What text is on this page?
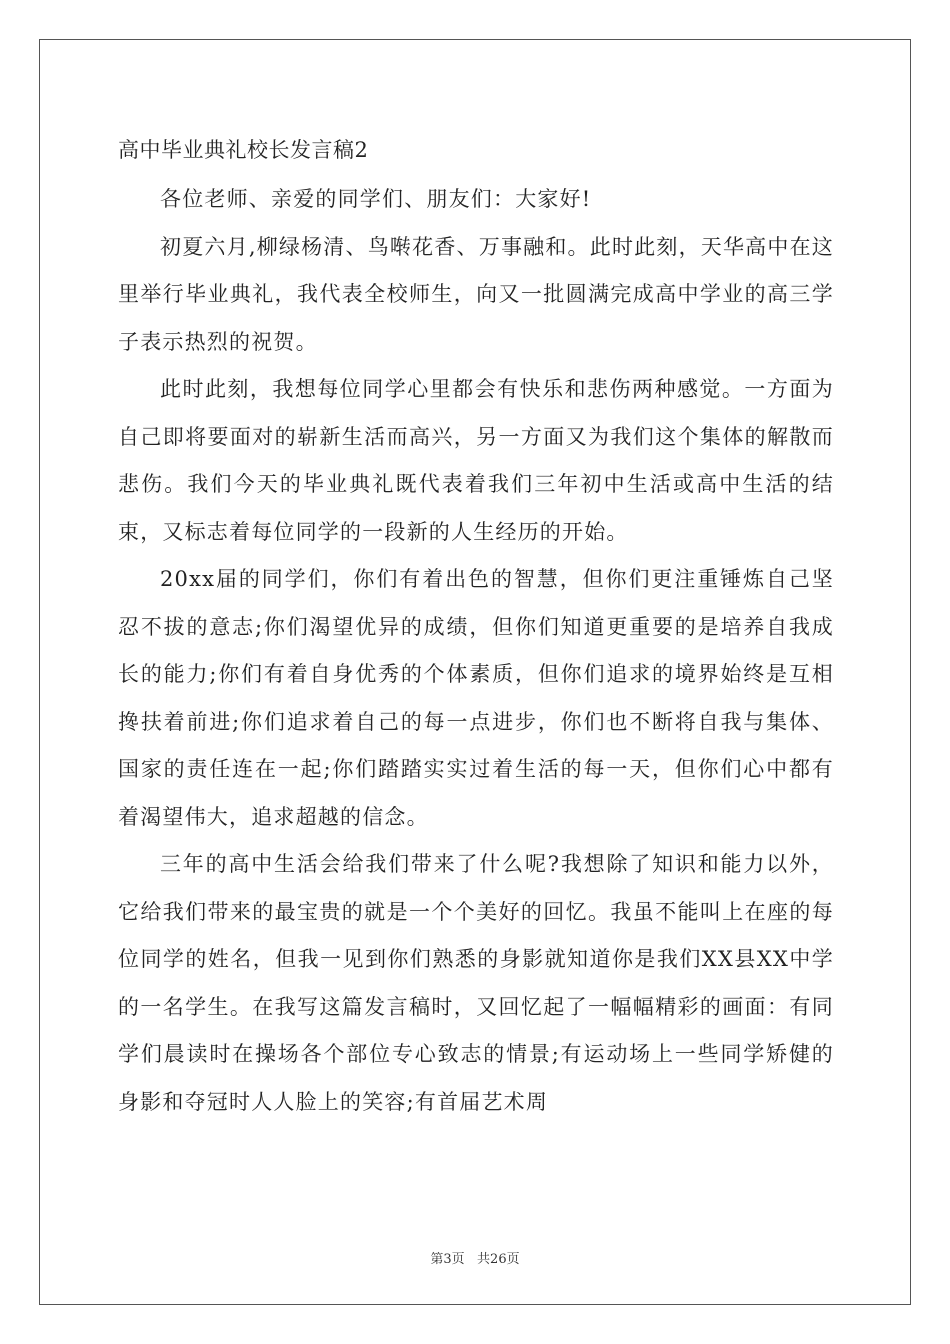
高中毕业典礼校长发言稿2

各位老师、亲爱的同学们、朋友们：大家好!

初夏六月,柳绿杨清、鸟啭花香、万事融和。此时此刻，天华高中在这里举行毕业典礼，我代表全校师生，向又一批圆满完成高中学业的高三学子表示热烈的祝贺。

此时此刻，我想每位同学心里都会有快乐和悲伤两种感觉。一方面为自己即将要面对的崭新生活而高兴，另一方面又为我们这个集体的解散而悲伤。我们今天的毕业典礼既代表着我们三年初中生活或高中生活的结束，又标志着每位同学的一段新的人生经历的开始。

20xx届的同学们，你们有着出色的智慧，但你们更注重锤炼自己坚忍不拔的意志;你们渴望优异的成绩，但你们知道更重要的是培养自我成长的能力;你们有着自身优秀的个体素质，但你们追求的境界始终是互相搀扶着前进;你们追求着自己的每一点进步，你们也不断将自我与集体、国家的责任连在一起;你们踏踏实实过着生活的每一天，但你们心中都有着渴望伟大，追求超越的信念。

三年的高中生活会给我们带来了什么呢?我想除了知识和能力以外，它给我们带来的最宝贵的就是一个个美好的回忆。我虽不能叫上在座的每位同学的姓名，但我一见到你们熟悉的身影就知道你是我们XX县XX中学的一名学生。在我写这篇发言稿时，又回忆起了一幅幅精彩的画面：有同学们晨读时在操场各个部位专心致志的情景;有运动场上一些同学矫健的身影和夺冠时人人脸上的笑容;有首届艺术周

第3页   共26页
